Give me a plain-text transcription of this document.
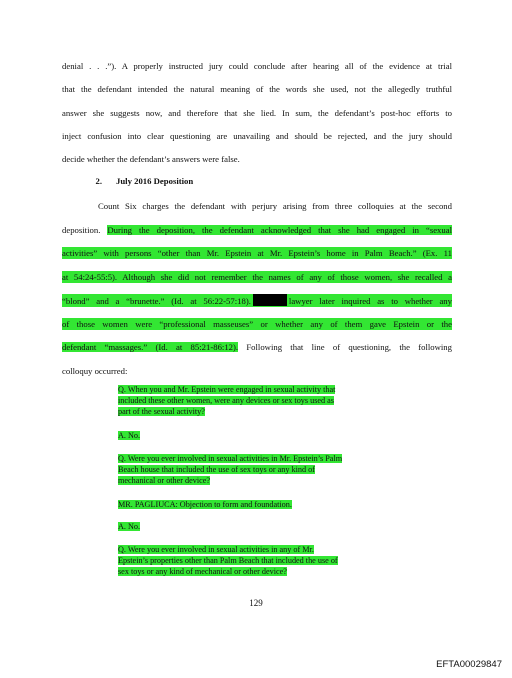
denial . . .”). A properly instructed jury could conclude after hearing all of the evidence at trial
that the defendant intended the natural meaning of the words she used, not the allegedly truthful
answer she suggests now, and therefore that she lied. In sum, the defendant’s post-hoc efforts to
inject confusion into clear questioning are unavailing and should be rejected, and the jury should
decide whether the defendant’s answers were false.
2. July 2016 Deposition
Count Six charges the defendant with perjury arising from three colloquies at the second
deposition. During the deposition, the defendant acknowledged that she had engaged in “sexual
activities” with persons “other than Mr. Epstein at Mr. Epstein’s home in Palm Beach.” (Ex. 11
at 54:24-55:5). Although she did not remember the names of any of those women, she recalled a
“blond” and a “brunette.” (Id. at 56:22-57:18).	lawyer later inquired as to whether any
of those women were “professional masseuses” or whether any of them gave Epstein or the
defendant “massages.” (Id. at 85:21-86:12). Following that line of questioning, the following
colloquy occurred:
Q. When you and Mr. Epstein were engaged in sexual activity that
included these other women, were any devices or sex toys used as
part of the sexual activity?
A. No.
Q. Were you ever involved in sexual activities in Mr. Epstein’s Palm
Beach house that included the use of sex toys or any kind of
mechanical or other device?
MR. PAGLIUCA: Objection to form and foundation.
A. No.
Q. Were you ever involved in sexual activities in any of Mr.
Epstein’s properties other than Palm Beach that included the use of
sex toys or any kind of mechanical or other device?
129
EFTA00029847
